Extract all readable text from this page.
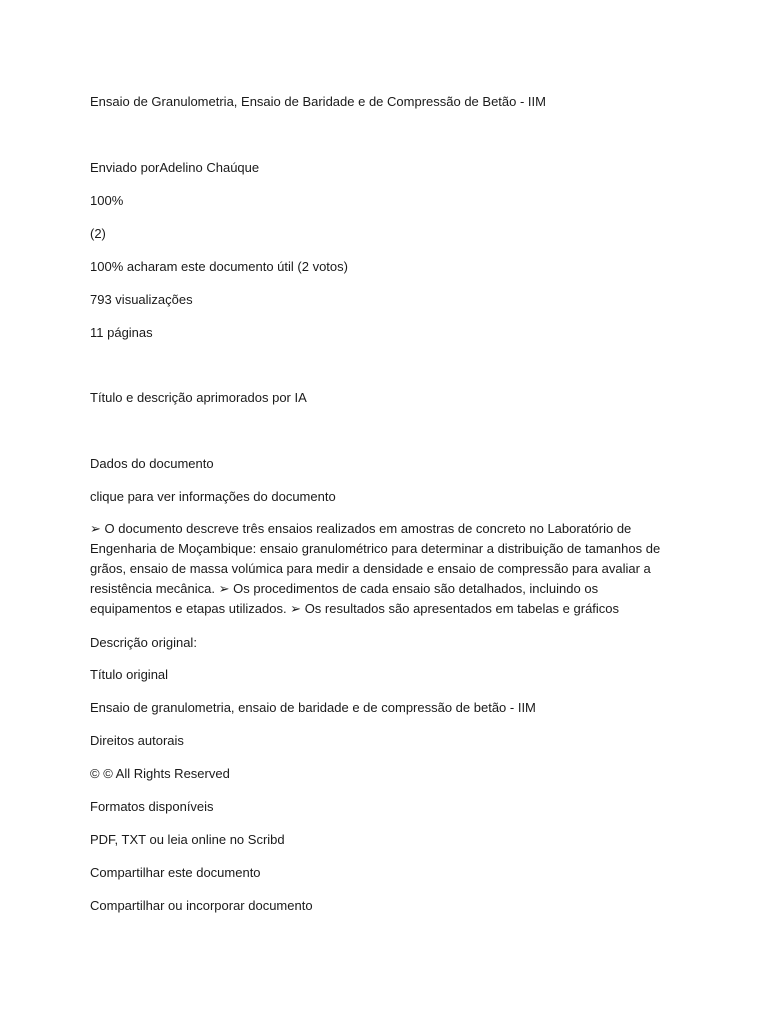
Ensaio de Granulometria, Ensaio de Baridade e de Compressão de Betão - IIM

Enviado porAdelino Chaúque

100%

(2)

100% acharam este documento útil (2 votos)

793 visualizações

11 páginas

Título e descrição aprimorados por IA

Dados do documento

clique para ver informações do documento

➢ O documento descreve três ensaios realizados em amostras de concreto no Laboratório de Engenharia de Moçambique: ensaio granulométrico para determinar a distribuição de tamanhos de grãos, ensaio de massa volúmica para medir a densidade e ensaio de compressão para avaliar a resistência mecânica. ➢ Os procedimentos de cada ensaio são detalhados, incluindo os equipamentos e etapas utilizados. ➢ Os resultados são apresentados em tabelas e gráficos

Descrição original:

Título original

Ensaio de granulometria, ensaio de baridade e de compressão de betão - IIM

Direitos autorais

© © All Rights Reserved

Formatos disponíveis

PDF, TXT ou leia online no Scribd

Compartilhar este documento

Compartilhar ou incorporar documento
